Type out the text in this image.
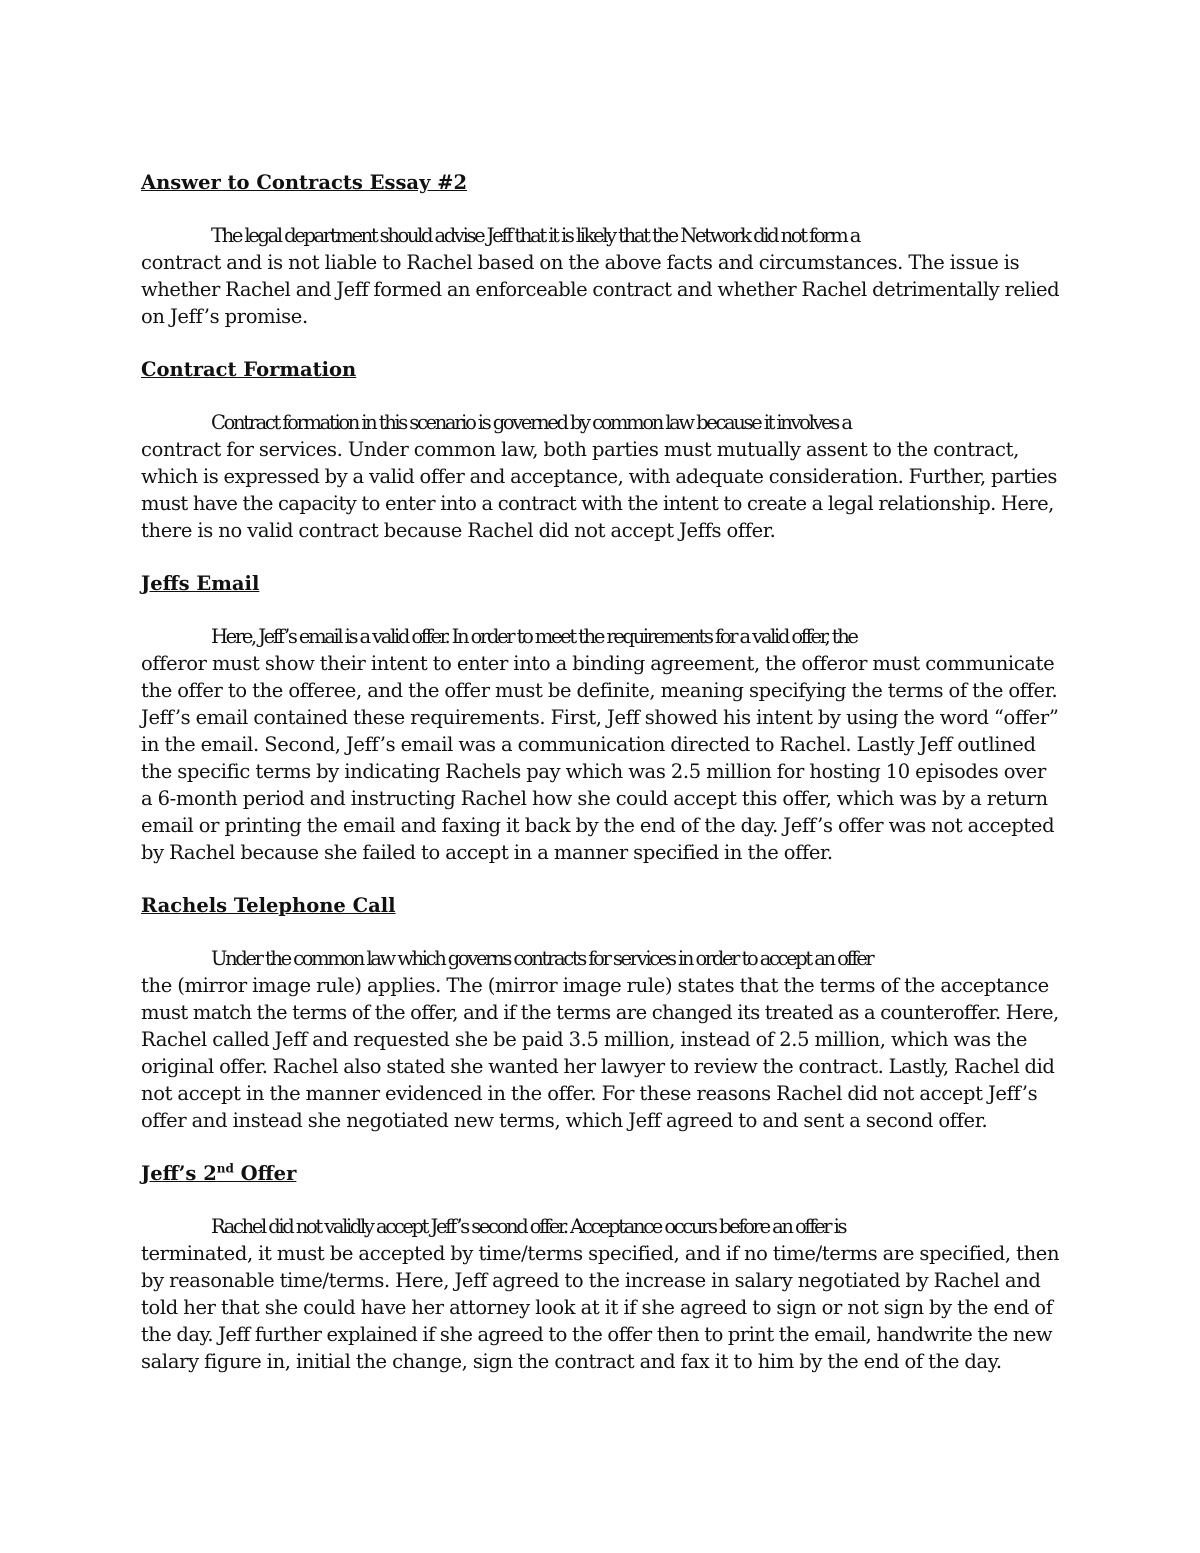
Answer to Contracts Essay #2
The legal department should advise Jeff that it is likely that the Network did not form a
contract and is not liable to Rachel based on the above facts and circumstances. The issue is
whether Rachel and Jeff formed an enforceable contract and whether Rachel detrimentally relied
on Jeff’s promise.
Contract Formation
Contract formation in this scenario is governed by common law because it involves a
contract for services. Under common law, both parties must mutually assent to the contract,
which is expressed by a valid offer and acceptance, with adequate consideration. Further, parties
must have the capacity to enter into a contract with the intent to create a legal relationship. Here,
there is no valid contract because Rachel did not accept Jeffs offer.
Jeffs Email
Here, Jeff’s email is a valid offer. In order to meet the requirements for a valid offer, the
offeror must show their intent to enter into a binding agreement, the offeror must communicate
the offer to the offeree, and the offer must be definite, meaning specifying the terms of the offer.
Jeff’s email contained these requirements. First, Jeff showed his intent by using the word “offer”
in the email. Second, Jeff’s email was a communication directed to Rachel. Lastly Jeff outlined
the specific terms by indicating Rachels pay which was 2.5 million for hosting 10 episodes over
a 6-month period and instructing Rachel how she could accept this offer, which was by a return
email or printing the email and faxing it back by the end of the day. Jeff’s offer was not accepted
by Rachel because she failed to accept in a manner specified in the offer.
Rachels Telephone Call
Under the common law which governs contracts for services in order to accept an offer
the (mirror image rule) applies. The (mirror image rule) states that the terms of the acceptance
must match the terms of the offer, and if the terms are changed its treated as a counteroffer. Here,
Rachel called Jeff and requested she be paid 3.5 million, instead of 2.5 million, which was the
original offer. Rachel also stated she wanted her lawyer to review the contract. Lastly, Rachel did
not accept in the manner evidenced in the offer. For these reasons Rachel did not accept Jeff’s
offer and instead she negotiated new terms, which Jeff agreed to and sent a second offer.
Jeff’s 2nd Offer
Rachel did not validly accept Jeff’s second offer. Acceptance occurs before an offer is
terminated, it must be accepted by time/terms specified, and if no time/terms are specified, then
by reasonable time/terms. Here, Jeff agreed to the increase in salary negotiated by Rachel and
told her that she could have her attorney look at it if she agreed to sign or not sign by the end of
the day. Jeff further explained if she agreed to the offer then to print the email, handwrite the new
salary figure in, initial the change, sign the contract and fax it to him by the end of the day.
